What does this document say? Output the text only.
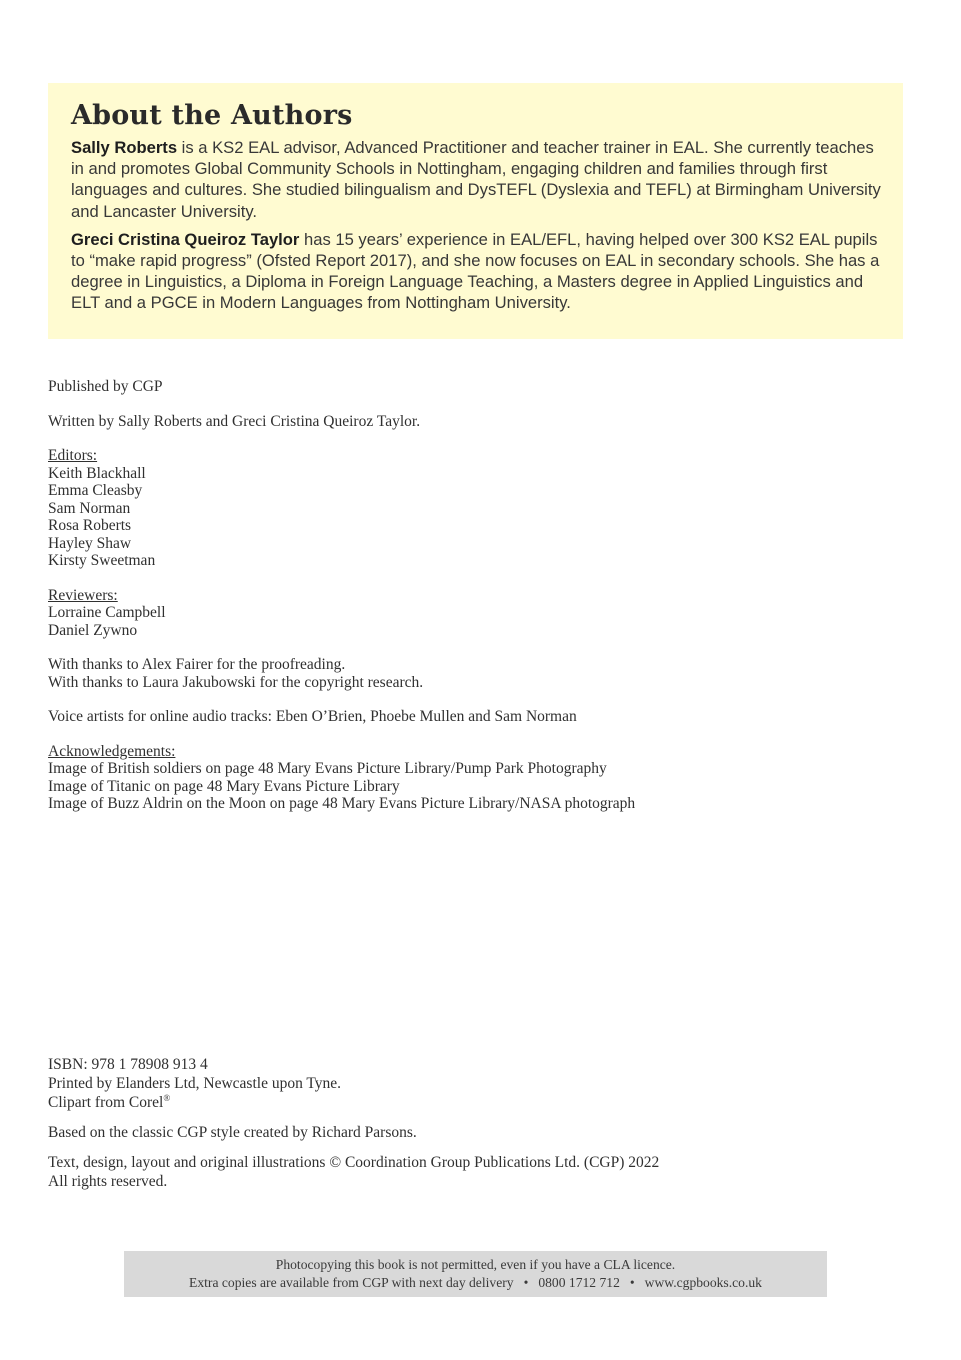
About the Authors

Sally Roberts is a KS2 EAL advisor, Advanced Practitioner and teacher trainer in EAL. She currently teaches in and promotes Global Community Schools in Nottingham, engaging children and families through first languages and cultures. She studied bilingualism and DysTEFL (Dyslexia and TEFL) at Birmingham University and Lancaster University.

Greci Cristina Queiroz Taylor has 15 years’ experience in EAL/EFL, having helped over 300 KS2 EAL pupils to “make rapid progress” (Ofsted Report 2017), and she now focuses on EAL in secondary schools. She has a degree in Linguistics, a Diploma in Foreign Language Teaching, a Masters degree in Applied Linguistics and ELT and a PGCE in Modern Languages from Nottingham University.

Published by CGP
Written by Sally Roberts and Greci Cristina Queiroz Taylor.
Editors:
Keith Blackhall
Emma Cleasby
Sam Norman
Rosa Roberts
Hayley Shaw
Kirsty Sweetman
Reviewers:
Lorraine Campbell
Daniel Zywno
With thanks to Alex Fairer for the proofreading.
With thanks to Laura Jakubowski for the copyright research.
Voice artists for online audio tracks: Eben O’Brien, Phoebe Mullen and Sam Norman
Acknowledgements:
Image of British soldiers on page 48 Mary Evans Picture Library/Pump Park Photography
Image of Titanic on page 48 Mary Evans Picture Library
Image of Buzz Aldrin on the Moon on page 48 Mary Evans Picture Library/NASA photograph
ISBN: 978 1 78908 913 4
Printed by Elanders Ltd, Newcastle upon Tyne.
Clipart from Corel®
Based on the classic CGP style created by Richard Parsons.
Text, design, layout and original illustrations © Coordination Group Publications Ltd. (CGP) 2022
All rights reserved.
Photocopying this book is not permitted, even if you have a CLA licence.
Extra copies are available from CGP with next day delivery • 0800 1712 712 • www.cgpbooks.co.uk
